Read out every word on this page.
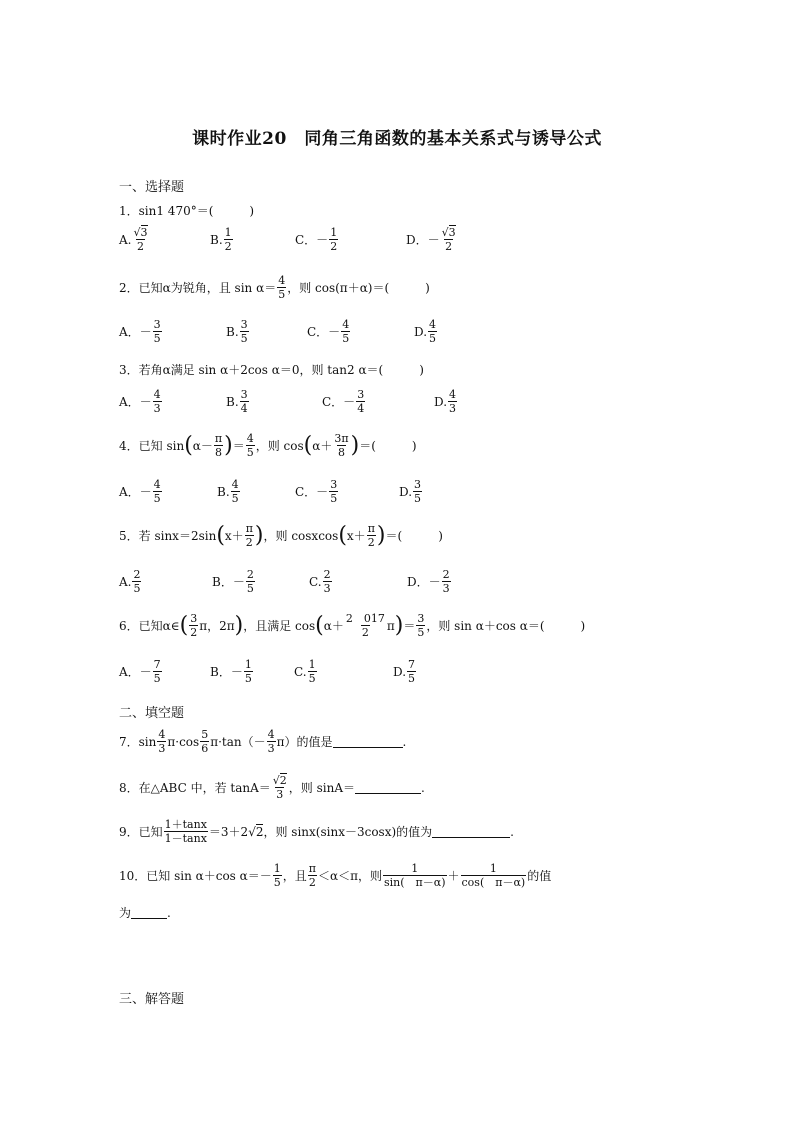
课时作业20　同角三角函数的基本关系式与诱导公式
一、选择题
1．sin1 470°＝(　　　)
A. $\frac{√3}{2}$	B. $\frac{1}{2}$	C．－ $\frac{1}{2}$	D．－ $\frac{√3}{2}$
2．已知α为锐角，且 $\sin \alpha= \frac{4}{5}$ ，则 cos(π＋α)＝(　　　)
A．－ $\frac{3}{5}$	B. $\frac{3}{5}$	C．－ $\frac{4}{5}$	D. $\frac{4}{5}$
3．若角α满足 sin α＋2cos α＝0，则 tan2 α＝(　　　)
A．－ $\frac{4}{3}$	B. $\frac{3}{4}$	C．－ $\frac{3}{4}$	D. $\frac{4}{3}$
4．已知 sin ( $\alpha- \frac{\pi}{8}$ ) ＝ $\frac{4}{5}$ ，则 cos ( $\alpha+ \frac{3\pi}{8}$ ) ＝(　　　)
A．－ $\frac{4}{5}$	B. $\frac{4}{5}$	C．－ $\frac{3}{5}$	D. $\frac{3}{5}$
5．若 sinx＝2sin ( $x+ \frac{\pi}{2}$ ) ，则 cosxcos ( $x+ \frac{\pi}{2}$ ) ＝(　　　)
A. $\frac{2}{5}$	B．－ $\frac{2}{5}$	C. $\frac{2}{3}$	D．－ $\frac{2}{3}$
6．已知α∈ ( $\frac{3}{2}$ π，2π ) ，且满足 cos ( $\alpha+ \frac{2 017}{2}$ π ) ＝ $\frac{3}{5}$ ，则 sin α＋cos α＝(　　　)
A．－ $\frac{7}{5}$	B．－ $\frac{1}{5}$	C. $\frac{1}{5}$	D. $\frac{7}{5}$
二、填空题
7．$\sin \frac{4}{3} \pi\cdot\cos \frac{5}{6} \pi\cdot\tan(- \frac{4}{3} \pi)$ 的值是	.
8．在△ABC 中，若 $\tan A= \frac{√2}{3}$ ，则 sinA＝	.
9．已知 $\frac{1+\tan x}{1-\tan x} =3+2$ √2 ，则 sinx(sinx－3cosx)的值为	.
10．已知 sin α＋cos $\alpha=- \frac{1}{5}$ ，且 $\frac{\pi}{2} <\alpha<\pi$，则 $\frac{1}{\sin( \pi-\alpha)} + \frac{1}{\cos( \pi-\alpha)}$ 的值
为	.
三、解答题
